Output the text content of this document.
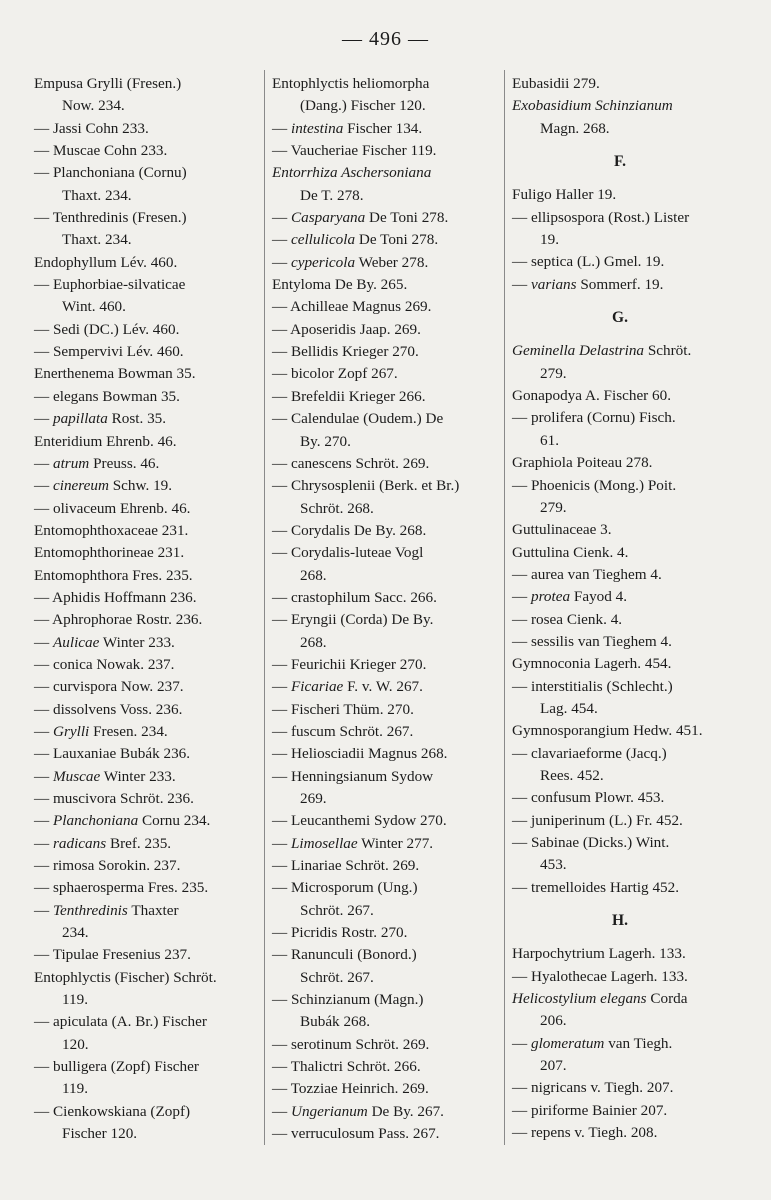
— 496 —
Empusa Grylli (Fresen.)
Now. 234.
— Jassi Cohn 233.
— Muscae Cohn 233.
— Planchoniana (Cornu)
Thaxt. 234.
— Tenthredinis (Fresen.)
Thaxt. 234.
Endophyllum Lév. 460.
— Euphorbiae-silvaticae
Wint. 460.
— Sedi (DC.) Lév. 460.
— Sempervivi Lév. 460.
Enerthenema Bowman 35.
— elegans Bowman 35.
— papillata Rost. 35.
Enteridium Ehrenb. 46.
— atrum Preuss. 46.
— cinereum Schw. 19.
— olivaceum Ehrenb. 46.
Entomophthoxaceae 231.
Entomophthorineae 231.
Entomophthora Fres. 235.
— Aphidis Hoffmann 236.
— Aphrophorae Rostr. 236.
— Aulicae Winter 233.
— conica Nowak. 237.
— curvispora Now. 237.
— dissolvens Voss. 236.
— Grylli Fresen. 234.
— Lauxaniae Bubák 236.
— Muscae Winter 233.
— muscivora Schröt. 236.
— Planchoniana Cornu 234.
— radicans Bref. 235.
— rimosa Sorokin. 237.
— sphaerosperma Fres. 235.
— Tenthredinis Thaxter
234.
— Tipulae Fresenius 237.
Entophlyctis (Fischer) Schröt.
119.
— apiculata (A. Br.) Fischer
120.
— bulligera (Zopf) Fischer
119.
— Cienkowskiana (Zopf)
Fischer 120.
Entophlyctis heliomorpha
(Dang.) Fischer 120.
— intestina Fischer 134.
— Vaucheriae Fischer 119.
Entorrhiza Aschersoniana
De T. 278.
— Casparyana De Toni 278.
— cellulicola De Toni 278.
— cypericola Weber 278.
Entyloma De By. 265.
— Achilleae Magnus 269.
— Aposeridis Jaap. 269.
— Bellidis Krieger 270.
— bicolor Zopf 267.
— Brefeldii Krieger 266.
— Calendulae (Oudem.) De
By. 270.
— canescens Schröt. 269.
— Chrysosplenii (Berk. et Br.)
Schröt. 268.
— Corydalis De By. 268.
— Corydalis-luteae Vogl
268.
— crastophilum Sacc. 266.
— Eryngii (Corda) De By.
268.
— Feurichii Krieger 270.
— Ficariae F. v. W. 267.
— Fischeri Thüm. 270.
— fuscum Schröt. 267.
— Heliosciadii Magnus 268.
— Henningsianum Sydow
269.
— Leucanthemi Sydow 270.
— Limosellae Winter 277.
— Linariae Schröt. 269.
— Microsporum (Ung.)
Schröt. 267.
— Picridis Rostr. 270.
— Ranunculi (Bonord.)
Schröt. 267.
— Schinzianum (Magn.)
Bubák 268.
— serotinum Schröt. 269.
— Thalictri Schröt. 266.
— Tozziae Heinrich. 269.
— Ungerianum De By. 267.
— verruculosum Pass. 267.
Eubasidii 279.
Exobasidium Schinzianum
Magn. 268.
F.
Fuligo Haller 19.
— ellipsospora (Rost.) Lister
19.
— septica (L.) Gmel. 19.
— varians Sommerf. 19.
G.
Geminella Delastrina Schröt.
279.
Gonapodya A. Fischer 60.
— prolifera (Cornu) Fisch.
61.
Graphiola Poiteau 278.
— Phoenicis (Mong.) Poit.
279.
Guttulinaceae 3.
Guttulina Cienk. 4.
— aurea van Tieghem 4.
— protea Fayod 4.
— rosea Cienk. 4.
— sessilis van Tieghem 4.
Gymnoconia Lagerh. 454.
— interstitialis (Schlecht.)
Lag. 454.
Gymnosporangium Hedw. 451.
— clavariaeforme (Jacq.)
Rees. 452.
— confusum Plowr. 453.
— juniperinum (L.) Fr. 452.
— Sabinae (Dicks.) Wint.
453.
— tremelloides Hartig 452.
H.
Harpochytrium Lagerh. 133.
— Hyalothecae Lagerh. 133.
Helicostylium elegans Corda
206.
— glomeratum van Tiegh.
207.
— nigricans v. Tiegh. 207.
— piriforme Bainier 207.
— repens v. Tiegh. 208.
